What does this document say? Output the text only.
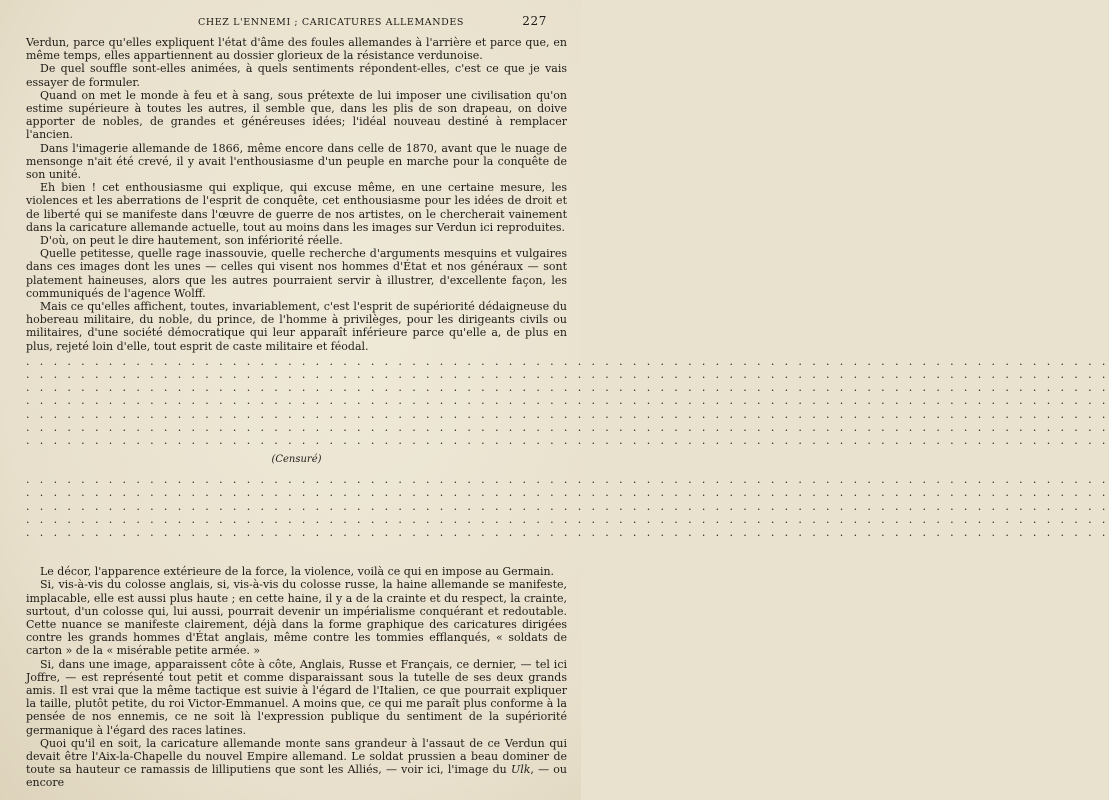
CHEZ L'ENNEMI ; CARICATURES ALLEMANDES	227

Verdun, parce qu'elles expliquent l'état d'âme des foules allemandes à l'arrière et parce que, en même temps, elles appartiennent au dossier glorieux de la résistance verdunoise.

De quel souffle sont-elles animées, à quels sentiments répondent-elles, c'est ce que je vais essayer de formuler.

Quand on met le monde à feu et à sang, sous prétexte de lui imposer une civilisation qu'on estime supérieure à toutes les autres, il semble que, dans les plis de son drapeau, on doive apporter de nobles, de grandes et généreuses idées; l'idéal nouveau destiné à remplacer l'ancien.

Dans l'imagerie allemande de 1866, même encore dans celle de 1870, avant que le nuage de mensonge n'ait été crevé, il y avait l'enthousiasme d'un peuple en marche pour la conquête de son unité.

Eh bien ! cet enthousiasme qui explique, qui excuse même, en une certaine mesure, les violences et les aberrations de l'esprit de conquête, cet enthousiasme pour les idées de droit et de liberté qui se manifeste dans l'œuvre de guerre de nos artistes, on le chercherait vainement dans la caricature allemande actuelle, tout au moins dans les images sur Verdun ici reproduites.

D'où, on peut le dire hautement, son infériorité réelle.

Quelle petitesse, quelle rage inassouvie, quelle recherche d'arguments mesquins et vulgaires dans ces images dont les unes — celles qui visent nos hommes d'État et nos généraux — sont platement haineuses, alors que les autres pourraient servir à illustrer, d'excellente façon, les communiqués de l'agence Wolff.

Mais ce qu'elles affichent, toutes, invariablement, c'est l'esprit de supériorité dédaigneuse du hobereau militaire, du noble, du prince, de l'homme à privilèges, pour les dirigeants civils ou militaires, d'une société démocratique qui leur apparaît inférieure parce qu'elle a, de plus en plus, rejeté loin d'elle, tout esprit de caste militaire et féodal.

. . . . . . . . . . . . . . . . . . . . . . . . . . . . . . . . . . . . . . . . . . . . . . . . . . . . . . . . . . . . . . . . . . . . . . . . . . . . . . .
. . . . . . . . . . . . . . . . . . . . . . . . . . . . . . . . . . . . . . . . . . . . . . . . . . . . . . . . . . . . . . . . . . . . . . . . . . . . . . .
. . . . . . . . . . . . . . . . . . . . . . . . . . . . . . . . . . . . . . . . . . . . . . . . . . . . . . . . . . . . . . . . . . . . . . . . . . . . . . .
. . . . . . . . . . . . . . . . . . . . . . . . . . . . . . . . . . . . . . . . . . . . . . . . . . . . . . . . . . . . . . . . . . . . . . . . . . . . . . .
. . . . . . . . . . . . . . . . . . . . . . . . . . . . . . . . . . . . . . . . . . . . . . . . . . . . . . . . . . . . . . . . . . . . . . . . . . . . . . .
. . . . . . . . . . . . . . . . . . . . . . . . . . . . . . . . . . . . . . . . . . . . . . . . . . . . . . . . . . . . . . . . . . . . . . . . . . . . . . .
. . . . . . . . . . . . . . . . . . . . . . . . . . . . . . . . . . . . . . . . . . . . . . . . . . . . . . . . . . . . . . . . . . . . . . . . . . . . . . .
(Censuré)
. . . . . . . . . . . . . . . . . . . . . . . . . . . . . . . . . . . . . . . . . . . . . . . . . . . . . . . . . . . . . . . . . . . . . . . . . . . . . . .
. . . . . . . . . . . . . . . . . . . . . . . . . . . . . . . . . . . . . . . . . . . . . . . . . . . . . . . . . . . . . . . . . . . . . . . . . . . . . . .
. . . . . . . . . . . . . . . . . . . . . . . . . . . . . . . . . . . . . . . . . . . . . . . . . . . . . . . . . . . . . . . . . . . . . . . . . . . . . . .
. . . . . . . . . . . . . . . . . . . . . . . . . . . . . . . . . . . . . . . . . . . . . . . . . . . . . . . . . . . . . . . . . . . . . . . . . . . . . . .
. . . . . . . . . . . . . . . . . . . . . . . . . . . . . . . . . . . . . . . . . . . . . . . . . . . . . . . . . . . . . . . . . . . . . . . . . . . . . . .

Le décor, l'apparence extérieure de la force, la violence, voilà ce qui en impose au Germain.

Si, vis-à-vis du colosse anglais, si, vis-à-vis du colosse russe, la haine allemande se manifeste, implacable, elle est aussi plus haute ; en cette haine, il y a de la crainte et du respect, la crainte, surtout, d'un colosse qui, lui aussi, pourrait devenir un impérialisme conquérant et redoutable. Cette nuance se manifeste clairement, déjà dans la forme graphique des caricatures dirigées contre les grands hommes d'État anglais, même contre les tommies efflanqués, « soldats de carton » de la « misérable petite armée. »

Si, dans une image, apparaissent côte à côte, Anglais, Russe et Français, ce dernier, — tel ici Joffre, — est représenté tout petit et comme disparaissant sous la tutelle de ses deux grands amis. Il est vrai que la même tactique est suivie à l'égard de l'Italien, ce que pourrait expliquer la taille, plutôt petite, du roi Victor-Emmanuel. A moins que, ce qui me paraît plus conforme à la pensée de nos ennemis, ce ne soit là l'expression publique du sentiment de la supériorité germanique à l'égard des races latines.

Quoi qu'il en soit, la caricature allemande monte sans grandeur à l'assaut de ce Verdun qui devait être l'Aix-la-Chapelle du nouvel Empire allemand. Le soldat prussien a beau dominer de toute sa hauteur ce ramassis de lilliputiens que sont les Alliés, — voir ici, l'image du Ulk, — ou encore
